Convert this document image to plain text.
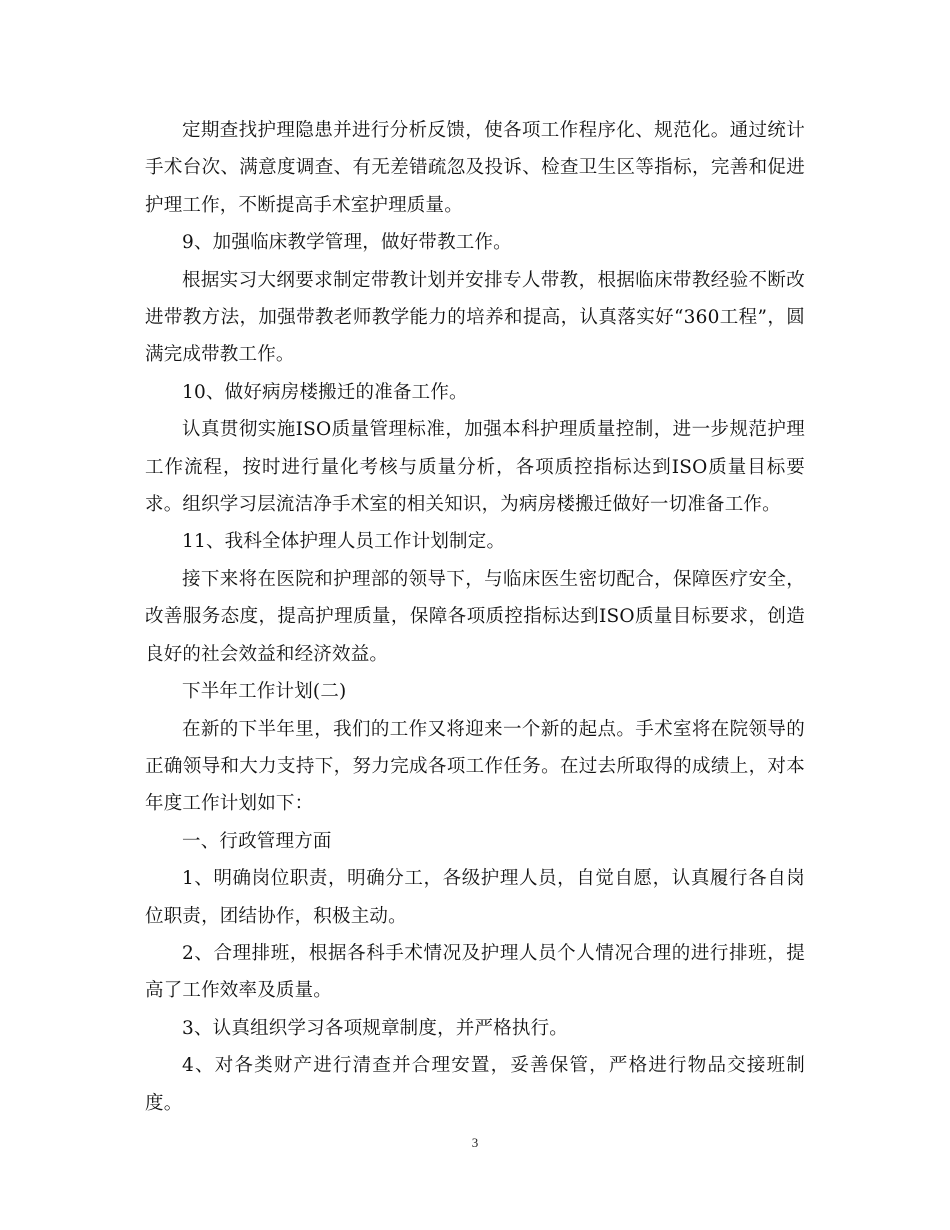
定期查找护理隐患并进行分析反馈，使各项工作程序化、规范化。通过统计手术台次、满意度调查、有无差错疏忽及投诉、检查卫生区等指标，完善和促进护理工作，不断提高手术室护理质量。

9、加强临床教学管理，做好带教工作。

根据实习大纲要求制定带教计划并安排专人带教，根据临床带教经验不断改进带教方法，加强带教老师教学能力的培养和提高，认真落实好“360工程”，圆满完成带教工作。

10、做好病房楼搬迁的准备工作。

认真贯彻实施ISO质量管理标准，加强本科护理质量控制，进一步规范护理工作流程，按时进行量化考核与质量分析，各项质控指标达到ISO质量目标要求。组织学习层流洁净手术室的相关知识，为病房楼搬迁做好一切准备工作。

11、我科全体护理人员工作计划制定。

接下来将在医院和护理部的领导下，与临床医生密切配合，保障医疗安全，改善服务态度，提高护理质量，保障各项质控指标达到ISO质量目标要求，创造良好的社会效益和经济效益。

下半年工作计划(二)

在新的下半年里，我们的工作又将迎来一个新的起点。手术室将在院领导的正确领导和大力支持下，努力完成各项工作任务。在过去所取得的成绩上，对本年度工作计划如下：

一、行政管理方面

1、明确岗位职责，明确分工，各级护理人员，自觉自愿，认真履行各自岗位职责，团结协作，积极主动。

2、合理排班，根据各科手术情况及护理人员个人情况合理的进行排班，提高了工作效率及质量。

3、认真组织学习各项规章制度，并严格执行。

4、对各类财产进行清查并合理安置，妥善保管，严格进行物品交接班制度。

3
